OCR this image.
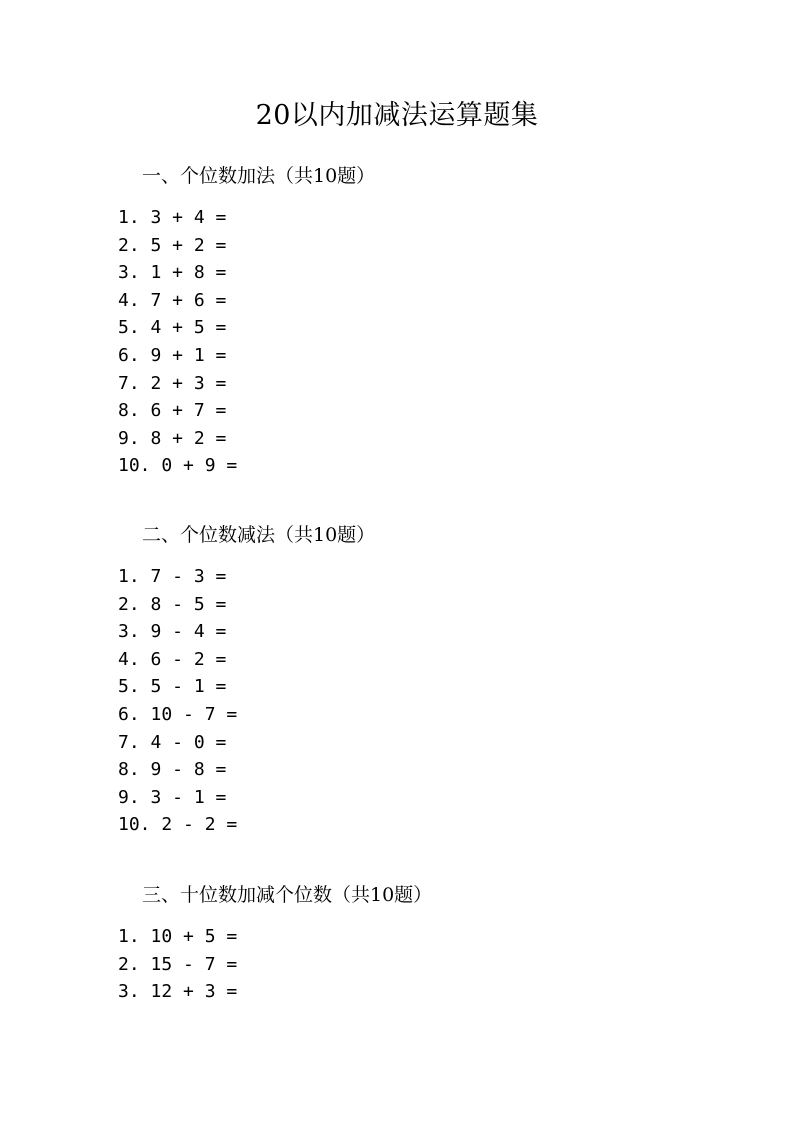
20以内加减法运算题集
一、个位数加法（共10题）
1. 3 + 4 =
2. 5 + 2 =
3. 1 + 8 =
4. 7 + 6 =
5. 4 + 5 =
6. 9 + 1 =
7. 2 + 3 =
8. 6 + 7 =
9. 8 + 2 =
10. 0 + 9 =
二、个位数减法（共10题）
1. 7 - 3 =
2. 8 - 5 =
3. 9 - 4 =
4. 6 - 2 =
5. 5 - 1 =
6. 10 - 7 =
7. 4 - 0 =
8. 9 - 8 =
9. 3 - 1 =
10. 2 - 2 =
三、十位数加减个位数（共10题）
1. 10 + 5 =
2. 15 - 7 =
3. 12 + 3 =
